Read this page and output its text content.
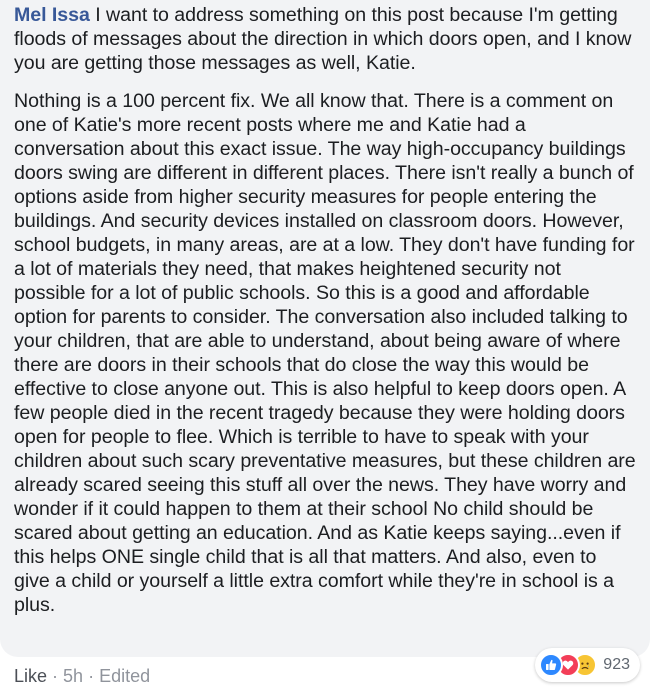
Mel Issa I want to address something on this post because I'm getting floods of messages about the direction in which doors open, and I know you are getting those messages as well, Katie.

Nothing is a 100 percent fix. We all know that. There is a comment on one of Katie's more recent posts where me and Katie had a conversation about this exact issue. The way high-occupancy buildings doors swing are different in different places. There isn't really a bunch of options aside from higher security measures for people entering the buildings. And security devices installed on classroom doors. However, school budgets, in many areas, are at a low. They don't have funding for a lot of materials they need, that makes heightened security not possible for a lot of public schools. So this is a good and affordable option for parents to consider. The conversation also included talking to your children, that are able to understand, about being aware of where there are doors in their schools that do close the way this would be effective to close anyone out. This is also helpful to keep doors open. A few people died in the recent tragedy because they were holding doors open for people to flee. Which is terrible to have to speak with your children about such scary preventative measures, but these children are already scared seeing this stuff all over the news. They have worry and wonder if it could happen to them at their school No child should be scared about getting an education. And as Katie keeps saying...even if this helps ONE single child that is all that matters. And also, even to give a child or yourself a little extra comfort while they're in school is a plus.

Like · 5h · Edited
923
